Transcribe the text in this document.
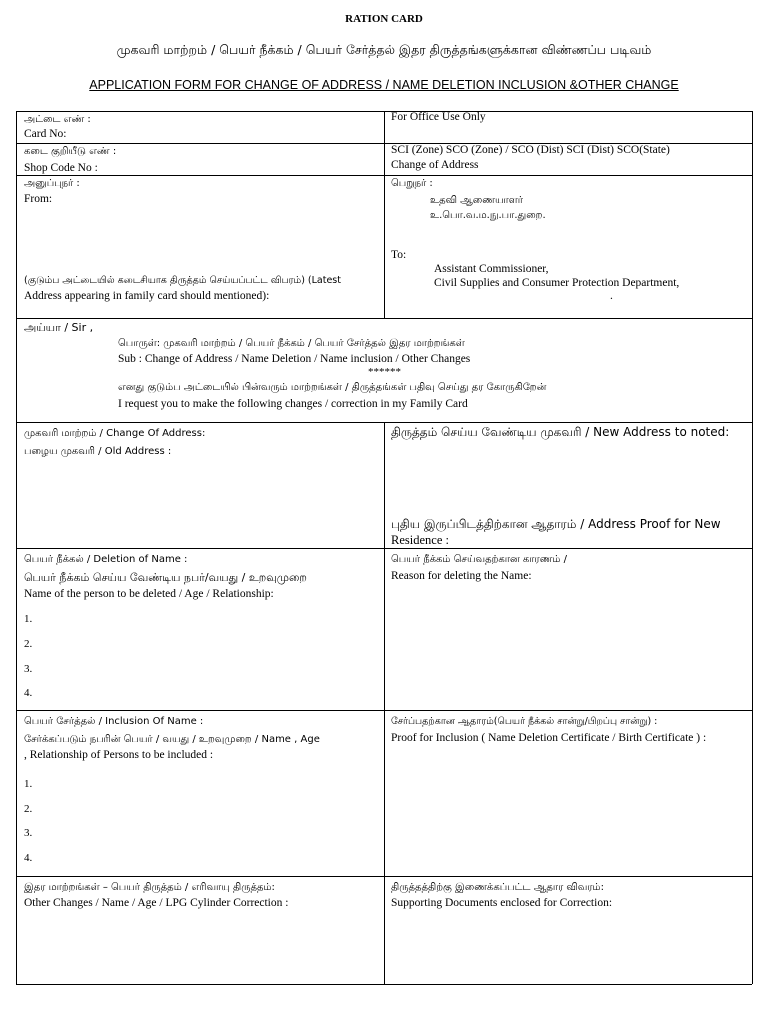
RATION CARD
முகவரி மாற்றம் / பெயர் நீக்கம் / பெயர் சேர்த்தல் இதர திருத்தங்களுக்கான விண்ணப்ப படிவம்
APPLICATION FORM FOR CHANGE OF ADDRESS / NAME DELETION INCLUSION &OTHER CHANGE
அட்டை எண் :
Card No:
For Office Use Only
கடை குறியீடு எண் :
Shop Code No :
SCI (Zone) SCO (Zone) / SCO (Dist) SCI (Dist) SCO(State)
Change of Address
அனுப்புநர் :
From:
(குடும்ப அட்டையில் கடைசியாக திருத்தம் செய்யப்பட்ட விபரம்) (Latest
Address appearing in family card should mentioned):
பெறுநர் :
உதவி ஆணையாளர்
உ.பொ.வ.ம.நு.பா.துறை.
To:
Assistant Commissioner,
Civil Supplies and Consumer Protection Department,
.
அய்யா / Sir ,
பொருள்: முகவரி மாற்றம் / பெயர் நீக்கம் / பெயர் சேர்த்தல் இதர மாற்றங்கள்
Sub : Change of Address / Name Deletion / Name inclusion / Other Changes
******
எனது குடும்ப அட்டையில் பின்வரும் மாற்றங்கள் / திருத்தங்கள் பதிவு செய்து தர கோருகிறேன்
I request you to make the following changes / correction in my Family Card
முகவரி மாற்றம் / Change Of Address:
பழைய முகவரி / Old Address :
திருத்தம் செய்ய வேண்டிய முகவரி / New Address to noted:
புதிய இருப்பிடத்திற்கான ஆதாரம் / Address Proof for New
Residence :
பெயர் நீக்கல் / Deletion of Name :
பெயர் நீக்கம் செய்ய வேண்டிய நபர்/வயது / உறவுமுறை
Name of the person to be deleted / Age / Relationship:
1.
2.
3.
4.
பெயர் நீக்கம் செய்வதற்கான காரணம் /
Reason for deleting the Name:
பெயர் சேர்த்தல் / Inclusion Of Name :
சேர்க்கப்படும் நபரின் பெயர் / வயது / உறவுமுறை / Name , Age
, Relationship of Persons to be included :
1.
2.
3.
4.
சேர்ப்பதற்கான ஆதாரம்(பெயர் நீக்கல் சான்று/பிறப்பு சான்று) :
Proof for Inclusion ( Name Deletion Certificate / Birth Certificate ) :
இதர மாற்றங்கள் – பெயர் திருத்தம் / எரிவாயு திருத்தம்:
Other Changes / Name / Age / LPG Cylinder Correction :
திருத்தத்திற்கு இணைக்கப்பட்ட ஆதார விவரம்:
Supporting Documents enclosed for Correction:
